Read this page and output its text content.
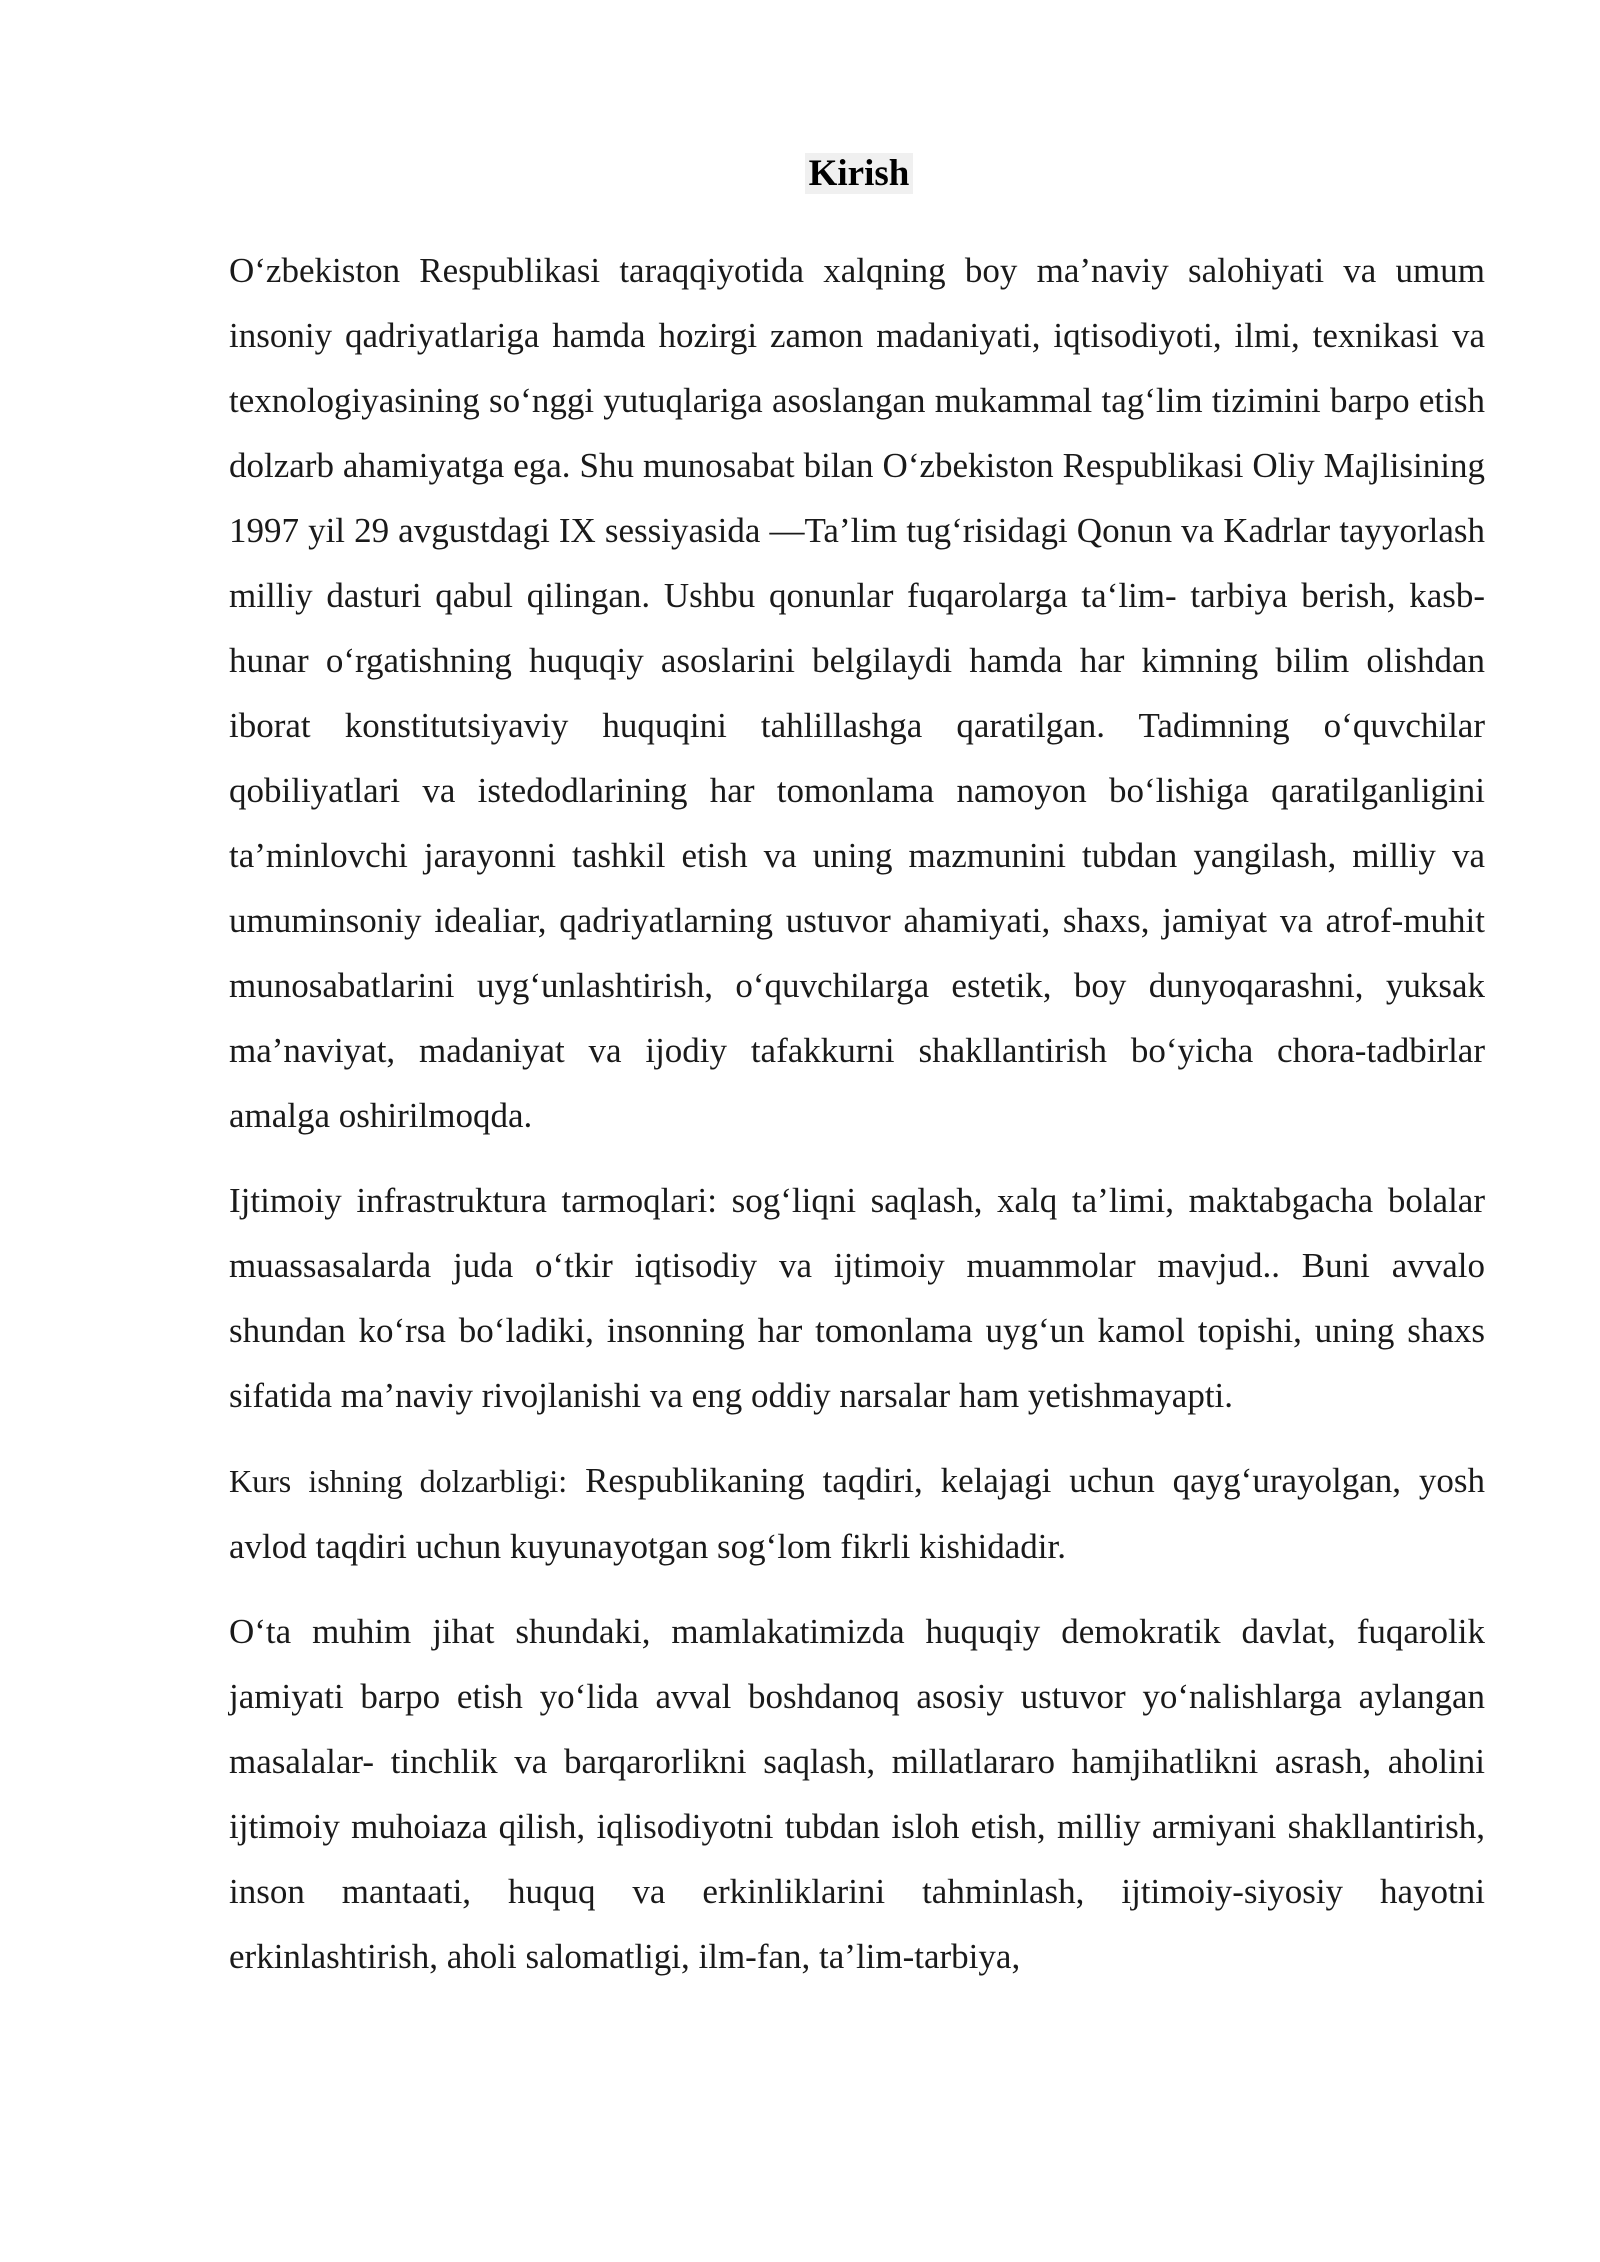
Kirish

O‘zbekiston Respublikasi taraqqiyotida xalqning boy ma’naviy salohiyati va umum insoniy qadriyatlariga hamda hozirgi zamon madaniyati, iqtisodiyoti, ilmi, texnikasi va texnologiyasining so‘nggi yutuqlariga asoslangan mukammal tag‘lim tizimini barpo etish dolzarb ahamiyatga ega. Shu munosabat bilan O‘zbekiston Respublikasi Oliy Majlisining 1997 yil 29 avgustdagi IX sessiyasida —Ta’lim tug‘risidagi Qonun va Kadrlar tayyorlash milliy dasturi qabul qilingan. Ushbu qonunlar fuqarolarga ta‘lim- tarbiya berish, kasb-hunar o‘rgatishning huquqiy asoslarini belgilaydi hamda har kimning bilim olishdan iborat konstitutsiyaviy huquqini tahlillashga qaratilgan. Tadimning o‘quvchilar qobiliyatlari va istedodlarining har tomonlama namoyon bo‘lishiga qaratilganligini ta’minlovchi jarayonni tashkil etish va uning mazmunini tubdan yangilash, milliy va umuminsoniy idealiar, qadriyatlarning ustuvor ahamiyati, shaxs, jamiyat va atrof-muhit munosabatlarini uyg‘unlashtirish, o‘quvchilarga estetik, boy dunyoqarashni, yuksak ma’naviyat, madaniyat va ijodiy tafakkurni shakllantirish bo‘yicha chora-tadbirlar amalga oshirilmoqda.

Ijtimoiy infrastruktura tarmoqlari: sog‘liqni saqlash, xalq ta’limi, maktabgacha bolalar muassasalarda juda o‘tkir iqtisodiy va ijtimoiy muammolar mavjud.. Buni avvalo shundan ko‘rsa bo‘ladiki, insonning har tomonlama uyg‘un kamol topishi, uning shaxs sifatida ma’naviy rivojlanishi va eng oddiy narsalar ham yetishmayapti.

Kurs ishning dolzarbligi: Respublikaning taqdiri, kelajagi uchun qayg‘urayolgan, yosh avlod taqdiri uchun kuyunayotgan sog‘lom fikrli kishidadir.

O‘ta muhim jihat shundaki, mamlakatimizda huquqiy demokratik davlat, fuqarolik jamiyati barpo etish yo‘lida avval boshdanoq asosiy ustuvor yo‘nalishlarga aylangan masalalar- tinchlik va barqarorlikni saqlash, millatlararo hamjihatlikni asrash, aholini ijtimoiy muhoiaza qilish, iqlisodiyotni tubdan isloh etish, milliy armiyani shakllantirish, inson mantaati, huquq va erkinliklarini tahminlash, ijtimoiy-siyosiy hayotni erkinlashtirish, aholi salomatligi, ilm-fan, ta’lim-tarbiya,
